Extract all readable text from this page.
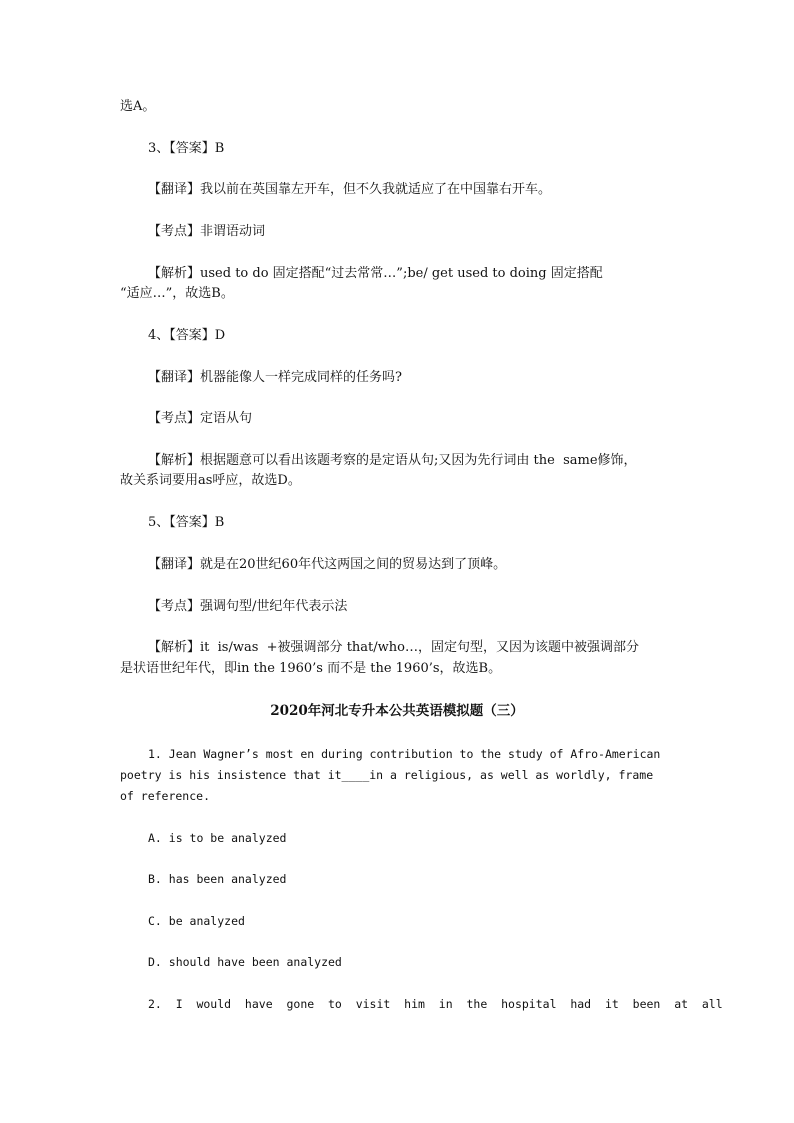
选A。
3、【答案】B
【翻译】我以前在英国靠左开车，但不久我就适应了在中国靠右开车。
【考点】非谓语动词
【解析】used to do 固定搭配“过去常常…”;be/ get used to doing 固定搭配
“适应…”，故选B。
4、【答案】D
【翻译】机器能像人一样完成同样的任务吗?
【考点】定语从句
【解析】根据题意可以看出该题考察的是定语从句;又因为先行词由 the  same修饰，
故关系词要用as呼应，故选D。
5、【答案】B
【翻译】就是在20世纪60年代这两国之间的贸易达到了顶峰。
【考点】强调句型/世纪年代表示法
【解析】it  is/was  +被强调部分 that/who…，固定句型，又因为该题中被强调部分
是状语世纪年代，即in the 1960’s 而不是 the 1960’s，故选B。
2020年河北专升本公共英语模拟题（三）
1. Jean Wagner’s most en during contribution to the study of Afro-American
poetry is his insistence that it____in a religious, as well as worldly, frame
of reference.
A. is to be analyzed
B. has been analyzed
C. be analyzed
D. should have been analyzed
2.  I  would  have  gone  to  visit  him  in  the  hospital  had  it  been  at  all
